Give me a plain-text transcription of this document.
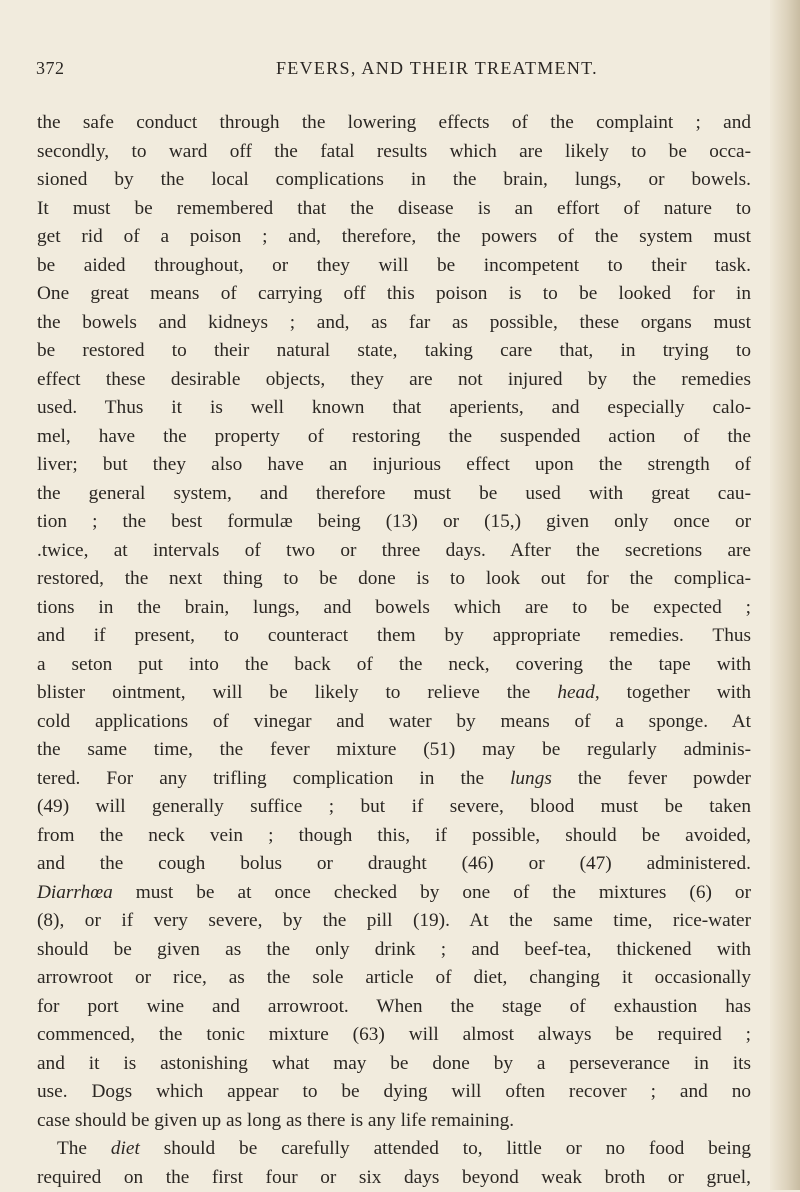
372	FEVERS, AND THEIR TREATMENT.
the safe conduct through the lowering effects of the complaint ; and
secondly, to ward off the fatal results which are likely to be occa-
sioned by the local complications in the brain, lungs, or bowels.
It must be remembered that the disease is an effort of nature to
get rid of a poison ; and, therefore, the powers of the system must
be aided throughout, or they will be incompetent to their task.
One great means of carrying off this poison is to be looked for in
the bowels and kidneys ; and, as far as possible, these organs must
be restored to their natural state, taking care that, in trying to
effect these desirable objects, they are not injured by the remedies
used. Thus it is well known that aperients, and especially calo-
mel, have the property of restoring the suspended action of the
liver; but they also have an injurious effect upon the strength of
the general system, and therefore must be used with great cau-
tion ; the best formulæ being (13) or (15,) given only once or
.twice, at intervals of two or three days. After the secretions are
restored, the next thing to be done is to look out for the complica-
tions in the brain, lungs, and bowels which are to be expected ;
and if present, to counteract them by appropriate remedies. Thus
a seton put into the back of the neck, covering the tape with
blister ointment, will be likely to relieve the head, together with
cold applications of vinegar and water by means of a sponge. At
the same time, the fever mixture (51) may be regularly adminis-
tered. For any trifling complication in the lungs the fever powder
(49) will generally suffice ; but if severe, blood must be taken
from the neck vein ; though this, if possible, should be avoided,
and the cough bolus or draught (46) or (47) administered.
Diarrhœa must be at once checked by one of the mixtures (6) or
(8), or if very severe, by the pill (19). At the same time, rice-water
should be given as the only drink ; and beef-tea, thickened with
arrowroot or rice, as the sole article of diet, changing it occasionally
for port wine and arrowroot. When the stage of exhaustion has
commenced, the tonic mixture (63) will almost always be required ;
and it is astonishing what may be done by a perseverance in its
use. Dogs which appear to be dying will often recover ; and no
case should be given up as long as there is any life remaining.
The diet should be carefully attended to, little or no food being
required on the first four or six days beyond weak broth or gruel,
